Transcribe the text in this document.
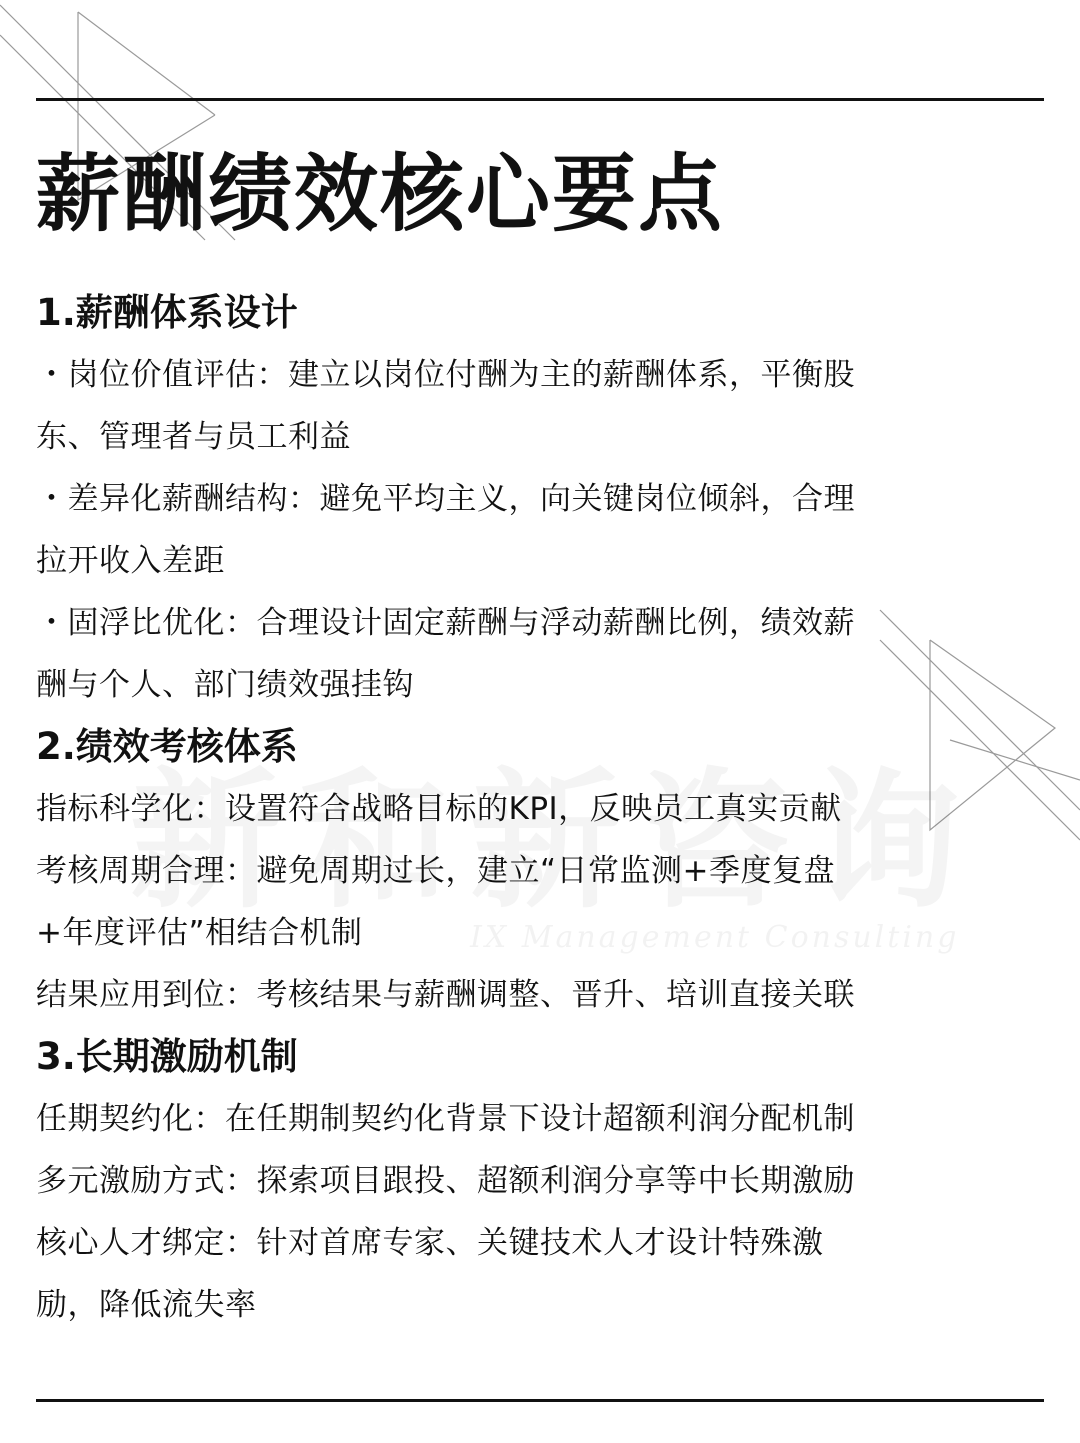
薪酬绩效核心要点
IX Management Consulting
1.薪酬体系设计
・岗位价值评估：建立以岗位付酬为主的薪酬体系，平衡股
东、管理者与员工利益
・差异化薪酬结构：避免平均主义，向关键岗位倾斜，合理
拉开收入差距
・固浮比优化：合理设计固定薪酬与浮动薪酬比例，绩效薪
酬与个人、部门绩效强挂钩
2.绩效考核体系
指标科学化：设置符合战略目标的KPI，反映员工真实贡献
考核周期合理：避免周期过长，建立“日常监测+季度复盘
+年度评估”相结合机制
结果应用到位：考核结果与薪酬调整、晋升、培训直接关联
3.长期激励机制
任期契约化：在任期制契约化背景下设计超额利润分配机制
多元激励方式：探索项目跟投、超额利润分享等中长期激励
核心人才绑定：针对首席专家、关键技术人才设计特殊激
励，降低流失率
